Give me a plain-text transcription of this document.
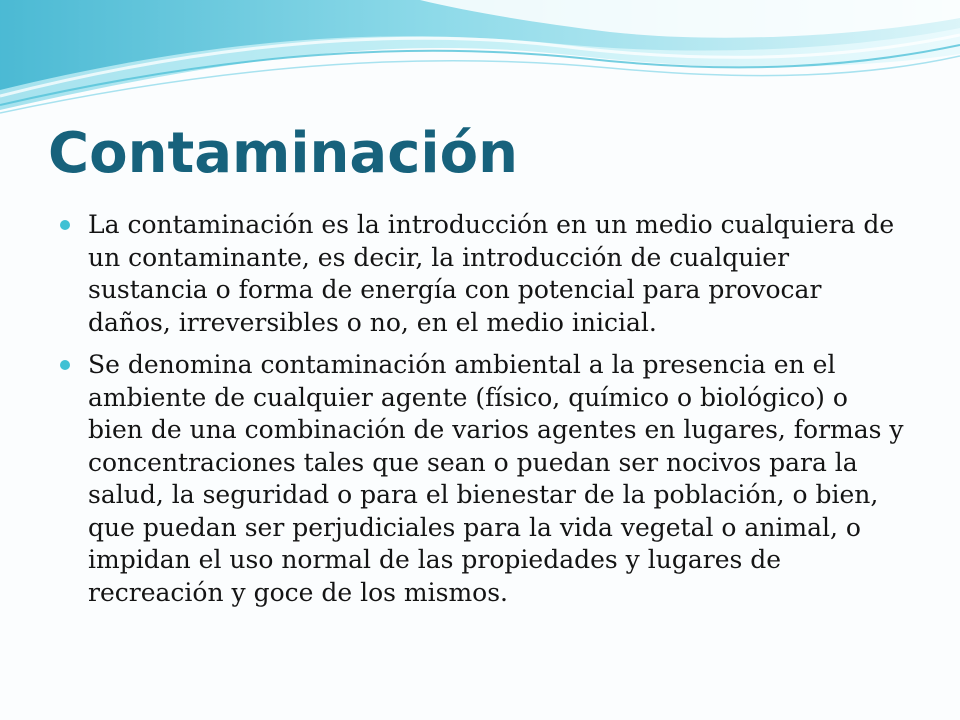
Contaminación
La contaminación es la introducción en un medio cualquiera de un contaminante, es decir, la introducción de cualquier sustancia o forma de energía con potencial para provocar daños, irreversibles o no, en el medio inicial.
Se denomina contaminación ambiental a la presencia en el ambiente de cualquier agente (físico, químico o biológico) o bien de una combinación de varios agentes en lugares, formas y concentraciones tales que sean o puedan ser nocivos para la salud, la seguridad o para el bienestar de la población, o bien, que puedan ser perjudiciales para la vida vegetal o animal, o impidan el uso normal de las propiedades y lugares de recreación y goce de los mismos.
